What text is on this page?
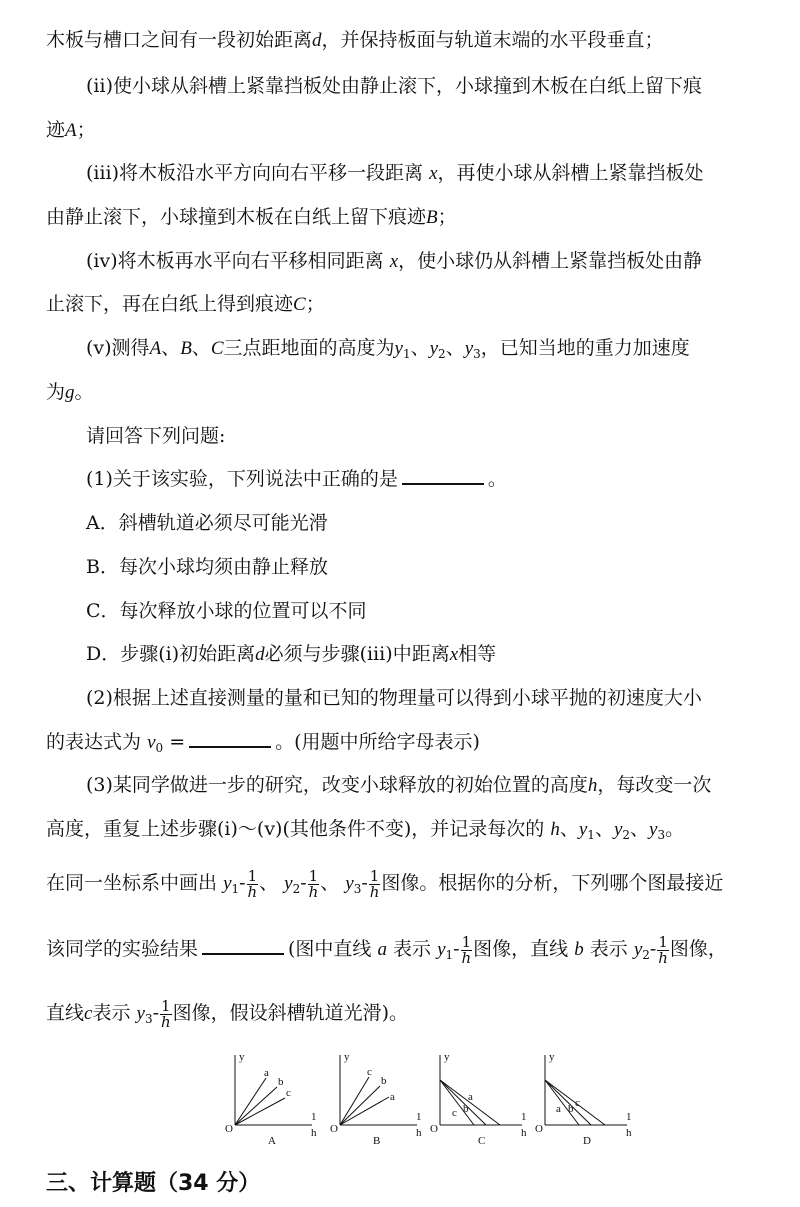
木板与槽口之间有一段初始距离d，并保持板面与轨道末端的水平段垂直；
(ⅱ)使小球从斜槽上紧靠挡板处由静止滚下，小球撞到木板在白纸上留下痕
迹A；
(ⅲ)将木板沿水平方向向右平移一段距离 x，再使小球从斜槽上紧靠挡板处
由静止滚下，小球撞到木板在白纸上留下痕迹B；
(ⅳ)将木板再水平向右平移相同距离 x，使小球仍从斜槽上紧靠挡板处由静
止滚下，再在白纸上得到痕迹C；
(ⅴ)测得A、B、C三点距地面的高度为$y_1$、$y_2$、$y_3$，已知当地的重力加速度
为g。
请回答下列问题:
(1)关于该实验，下列说法中正确的是	。
A．斜槽轨道必须尽可能光滑
B．每次小球均须由静止释放
C．每次释放小球的位置可以不同
D．步骤(ⅰ)初始距离d必须与步骤(ⅲ)中距离x相等
(2)根据上述直接测量的量和已知的物理量可以得到小球平抛的初速度大小
的表达式为 $v_0$ =	。(用题中所给字母表示)
(3)某同学做进一步的研究，改变小球释放的初始位置的高度h，每改变一次
高度，重复上述步骤(ⅰ)～(ⅴ)(其他条件不变)，并记录每次的 h、$y_1$、$y_2$、$y_3$。
在同一坐标系中画出 $y_1- \frac{1}{h}$ 、 $y_2- \frac{1}{h}$ 、 $y_3- \frac{1}{h}$ 图像。根据你的分析，下列哪个图最接近
该同学的实验结果	(图中直线 a 表示 $y_1- \frac{1}{h}$ 图像，直线 b 表示 $y_2- \frac{1}{h}$ 图像，
直线c表示 $y_3- \frac{1}{h}$ 图像，假设斜槽轨道光滑)。
y
O
1
h
a
b
c
A
y
O
1
h
c
b
a
B
y
O
1
h
c b
a
C
y
O
1
h
a b c
D
三、计算题（34 分）
